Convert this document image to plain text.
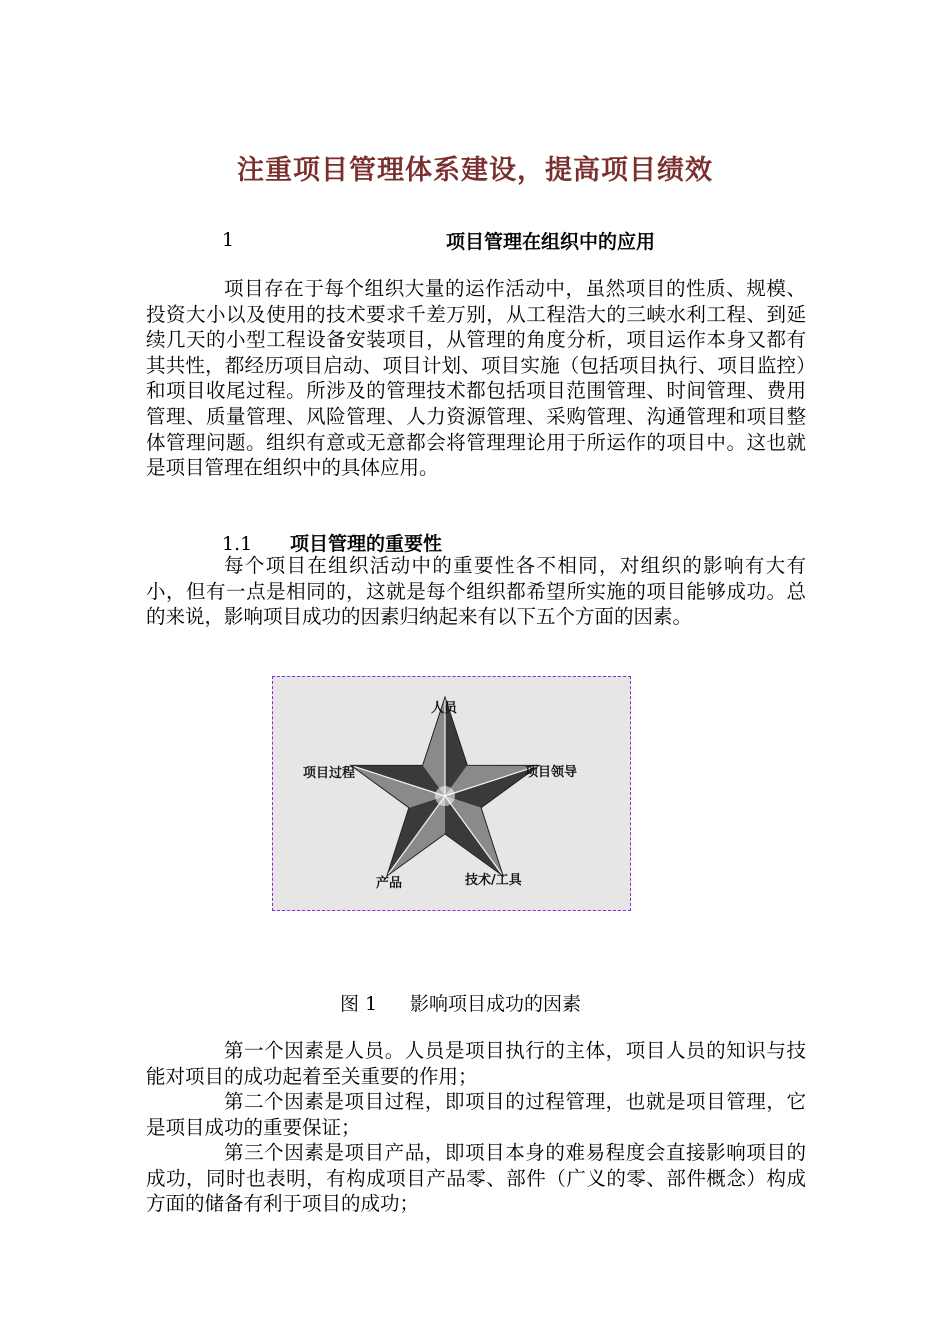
注重项目管理体系建设，提高项目绩效
1	项目管理在组织中的应用

项目存在于每个组织大量的运作活动中，虽然项目的性质、规模、投资大小以及使用的技术要求千差万别，从工程浩大的三峡水利工程、到延续几天的小型工程设备安装项目，从管理的角度分析，项目运作本身又都有其共性，都经历项目启动、项目计划、项目实施（包括项目执行、项目监控）和项目收尾过程。所涉及的管理技术都包括项目范围管理、时间管理、费用管理、质量管理、风险管理、人力资源管理、采购管理、沟通管理和项目整体管理问题。组织有意或无意都会将管理理论用于所运作的项目中。这也就是项目管理在组织中的具体应用。

1.1 项目管理的重要性

每个项目在组织活动中的重要性各不相同，对组织的影响有大有小，但有一点是相同的，这就是每个组织都希望所实施的项目能够成功。总的来说，影响项目成功的因素归纳起来有以下五个方面的因素。

人员
项目过程	项目领导
产品	技术/工具
图 1 影响项目成功的因素

第一个因素是人员。人员是项目执行的主体，项目人员的知识与技能对项目的成功起着至关重要的作用；

第二个因素是项目过程，即项目的过程管理，也就是项目管理，它是项目成功的重要保证；

第三个因素是项目产品，即项目本身的难易程度会直接影响项目的成功，同时也表明，有构成项目产品零、部件（广义的零、部件概念）构成方面的储备有利于项目的成功；
